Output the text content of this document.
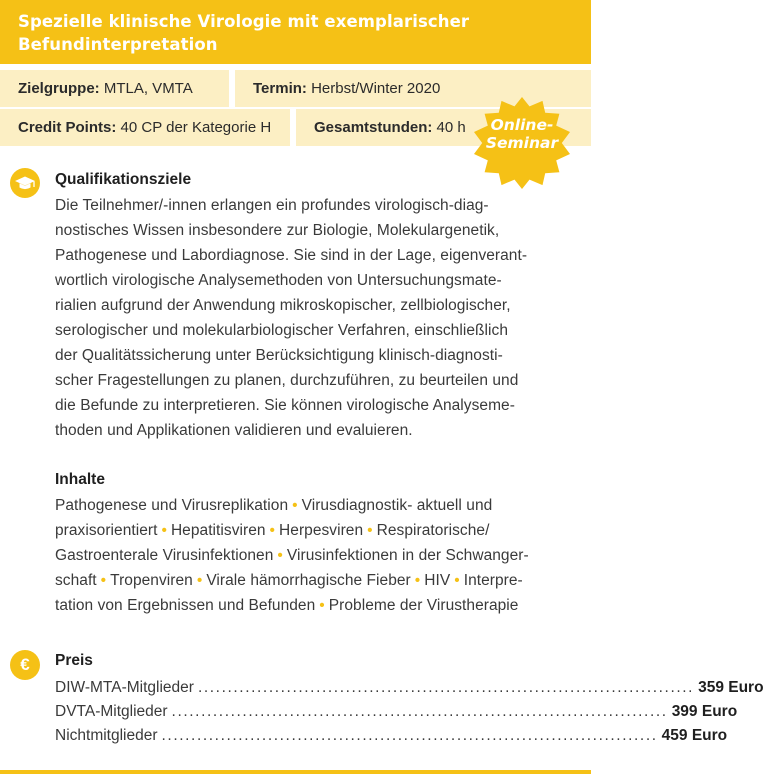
Spezielle klinische Virologie mit exemplarischer
Befundinterpretation
Zielgruppe: MTLA, VMTA	Termin: Herbst/Winter 2020
Credit Points: 40 CP der Kategorie H	Gesamtstunden: 40 h	Online-
Seminar
Qualifikationsziele
Die Teilnehmer/-innen erlangen ein profundes virologisch-diag-
nostisches Wissen insbesondere zur Biologie, Molekulargenetik,
Pathogenese und Labordiagnose. Sie sind in der Lage, eigenverant-
wortlich virologische Analysemethoden von Untersuchungsmate-
rialien aufgrund der Anwendung mikroskopischer, zellbiologischer,
serologischer und molekularbiologischer Verfahren, einschließlich
der Qualitätssicherung unter Berücksichtigung klinisch-diagnosti-
scher Fragestellungen zu planen, durchzuführen, zu beurteilen und
die Befunde zu interpretieren. Sie können virologische Analyseme-
thoden und Applikationen validieren und evaluieren.
Inhalte
Pathogenese und Virusreplikation • Virusdiagnostik- aktuell und
praxisorientiert • Hepatitisviren • Herpesviren • Respiratorische/
Gastroenterale Virusinfektionen • Virusinfektionen in der Schwanger-
schaft • Tropenviren • Virale hämorrhagische Fieber • HIV • Interpre-
tation von Ergebnissen und Befunden • Probleme der Virustherapie
€	Preis
DIW-MTA-Mitglieder .................................................................................... 359 Euro
DVTA-Mitglieder .................................................................................... 399 Euro
Nichtmitglieder .................................................................................... 459 Euro
